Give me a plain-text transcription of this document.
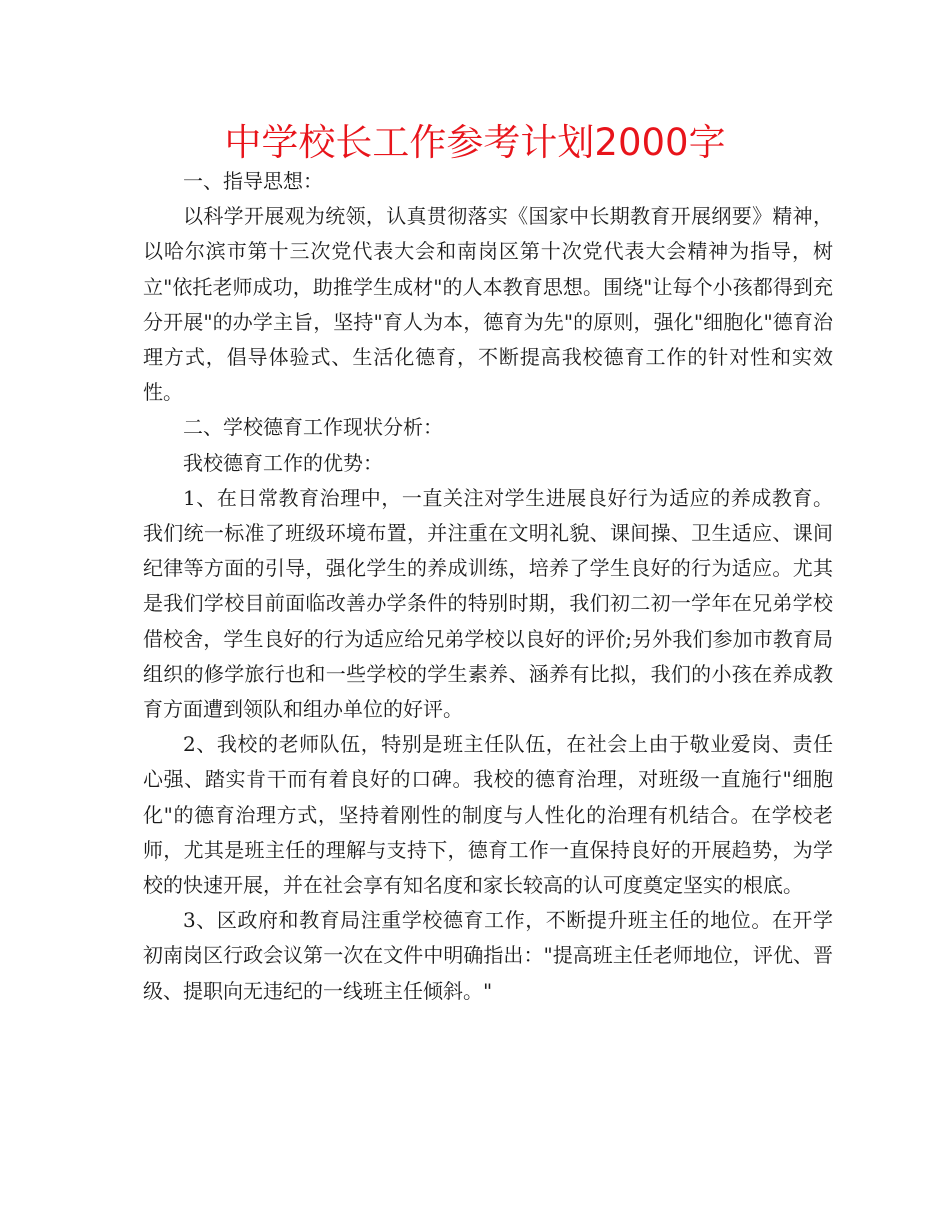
中学校长工作参考计划2000字

一、指导思想：

以科学开展观为统领，认真贯彻落实《国家中长期教育开展纲要》精神，以哈尔滨市第十三次党代表大会和南岗区第十次党代表大会精神为指导，树立"依托老师成功，助推学生成材"的人本教育思想。围绕"让每个小孩都得到充分开展"的办学主旨，坚持"育人为本，德育为先"的原则，强化"细胞化"德育治理方式，倡导体验式、生活化德育，不断提高我校德育工作的针对性和实效性。

二、学校德育工作现状分析：

我校德育工作的优势：

1、在日常教育治理中，一直关注对学生进展良好行为适应的养成教育。我们统一标准了班级环境布置，并注重在文明礼貌、课间操、卫生适应、课间纪律等方面的引导，强化学生的养成训练，培养了学生良好的行为适应。尤其是我们学校目前面临改善办学条件的特别时期，我们初二初一学年在兄弟学校借校舍，学生良好的行为适应给兄弟学校以良好的评价;另外我们参加市教育局组织的修学旅行也和一些学校的学生素养、涵养有比拟，我们的小孩在养成教育方面遭到领队和组办单位的好评。

2、我校的老师队伍，特别是班主任队伍，在社会上由于敬业爱岗、责任心强、踏实肯干而有着良好的口碑。我校的德育治理，对班级一直施行"细胞化"的德育治理方式，坚持着刚性的制度与人性化的治理有机结合。在学校老师，尤其是班主任的理解与支持下，德育工作一直保持良好的开展趋势，为学校的快速开展，并在社会享有知名度和家长较高的认可度奠定坚实的根底。

3、区政府和教育局注重学校德育工作，不断提升班主任的地位。在开学初南岗区行政会议第一次在文件中明确指出："提高班主任老师地位，评优、晋级、提职向无违纪的一线班主任倾斜。"
